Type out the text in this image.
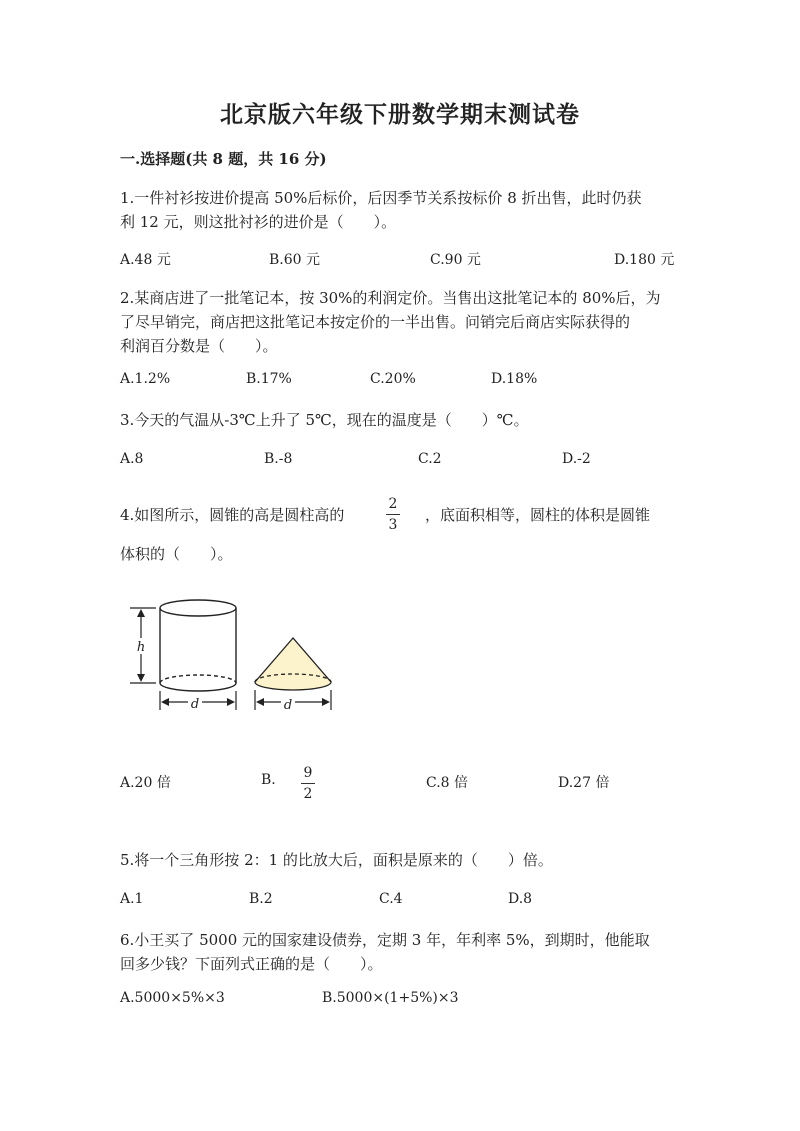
北京版六年级下册数学期末测试卷
一.选择题(共 8 题，共 16 分)
1.一件衬衫按进价提高 50%后标价，后因季节关系按标价 8 折出售，此时仍获
利 12 元，则这批衬衫的进价是（　　）。
A.48 元	B.60 元	C.90 元	D.180 元
2.某商店进了一批笔记本，按 30%的利润定价。当售出这批笔记本的 80%后，为
了尽早销完，商店把这批笔记本按定价的一半出售。问销完后商店实际获得的
利润百分数是（　　）。
A.1.2%	B.17%	C.20%	D.18%
3.今天的气温从-3℃上升了 5℃，现在的温度是（　　）℃。
A.8	B.-8	C.2	D.-2
4.如图所示，圆锥的高是圆柱高的
2
3
，底面积相等，圆柱的体积是圆锥
体积的（　　）。
h
d	d
A.20 倍	B. 9
2
C.8 倍	D.27 倍
5.将一个三角形按 2：1 的比放大后，面积是原来的（　　）倍。
A.1	B.2	C.4	D.8
6.小王买了 5000 元的国家建设债券，定期 3 年，年利率 5%，到期时，他能取
回多少钱？下面列式正确的是（　　）。
A.5000×5%×3	B.5000×(1+5%)×3
